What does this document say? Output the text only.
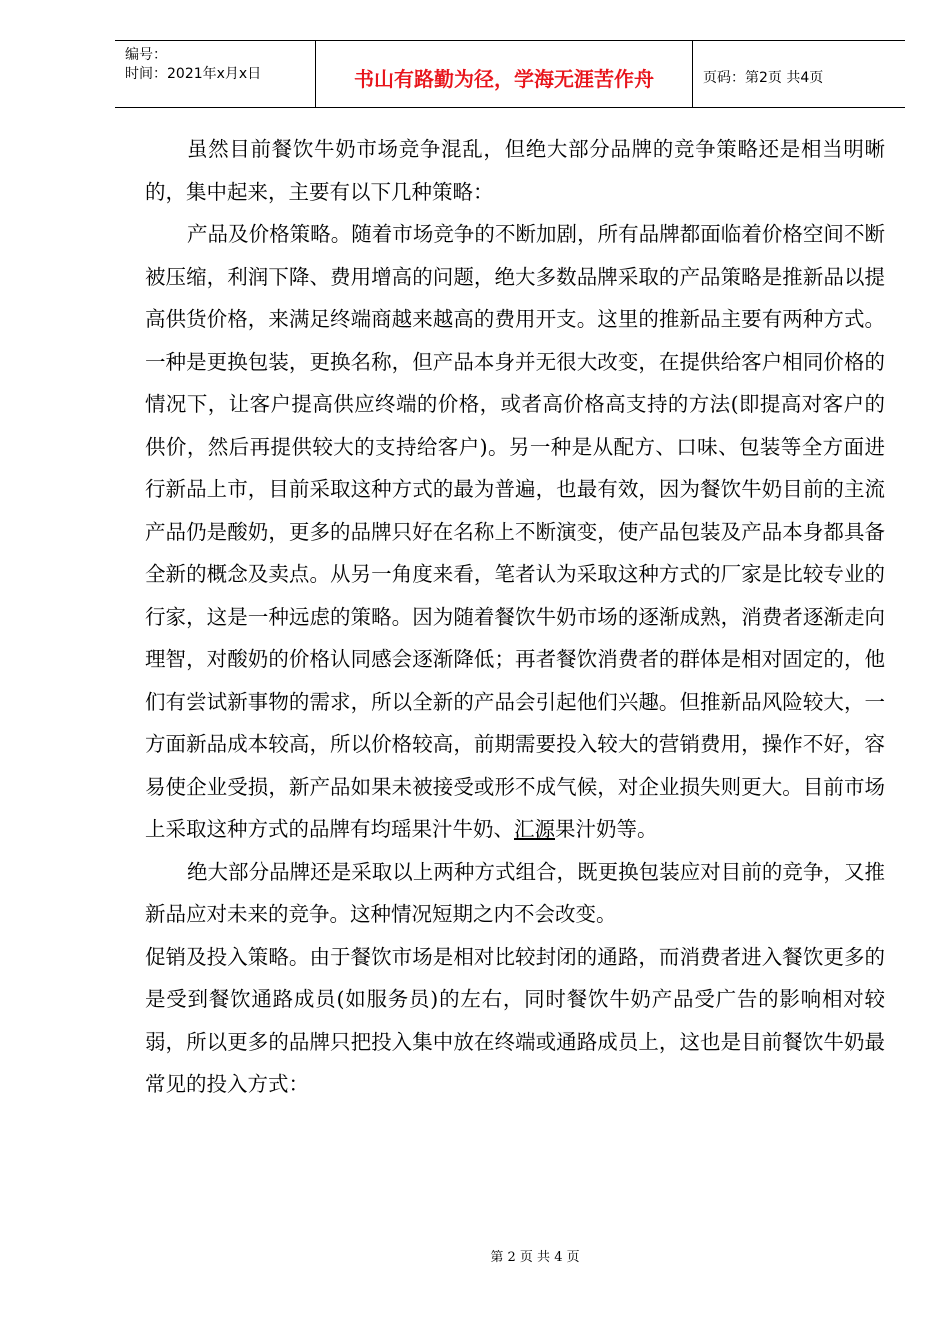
编号：
时间：2021年x月x日	书山有路勤为径，学海无涯苦作舟	页码：第2页 共4页

虽然目前餐饮牛奶市场竞争混乱，但绝大部分品牌的竞争策略还是相当明晰的，集中起来，主要有以下几种策略：

产品及价格策略。随着市场竞争的不断加剧，所有品牌都面临着价格空间不断被压缩，利润下降、费用增高的问题，绝大多数品牌采取的产品策略是推新品以提高供货价格，来满足终端商越来越高的费用开支。这里的推新品主要有两种方式。一种是更换包装，更换名称，但产品本身并无很大改变，在提供给客户相同价格的情况下，让客户提高供应终端的价格，或者高价格高支持的方法(即提高对客户的供价，然后再提供较大的支持给客户)。另一种是从配方、口味、包装等全方面进行新品上市，目前采取这种方式的最为普遍，也最有效，因为餐饮牛奶目前的主流产品仍是酸奶，更多的品牌只好在名称上不断演变，使产品包装及产品本身都具备全新的概念及卖点。从另一角度来看，笔者认为采取这种方式的厂家是比较专业的行家，这是一种远虑的策略。因为随着餐饮牛奶市场的逐渐成熟，消费者逐渐走向理智，对酸奶的价格认同感会逐渐降低；再者餐饮消费者的群体是相对固定的，他们有尝试新事物的需求，所以全新的产品会引起他们兴趣。但推新品风险较大，一方面新品成本较高，所以价格较高，前期需要投入较大的营销费用，操作不好，容易使企业受损，新产品如果未被接受或形不成气候，对企业损失则更大。目前市场上采取这种方式的品牌有均瑶果汁牛奶、汇源果汁奶等。

绝大部分品牌还是采取以上两种方式组合，既更换包装应对目前的竞争，又推新品应对未来的竞争。这种情况短期之内不会改变。

促销及投入策略。由于餐饮市场是相对比较封闭的通路，而消费者进入餐饮更多的是受到餐饮通路成员(如服务员)的左右，同时餐饮牛奶产品受广告的影响相对较弱，所以更多的品牌只把投入集中放在终端或通路成员上，这也是目前餐饮牛奶最常见的投入方式：

第 2 页 共 4 页
